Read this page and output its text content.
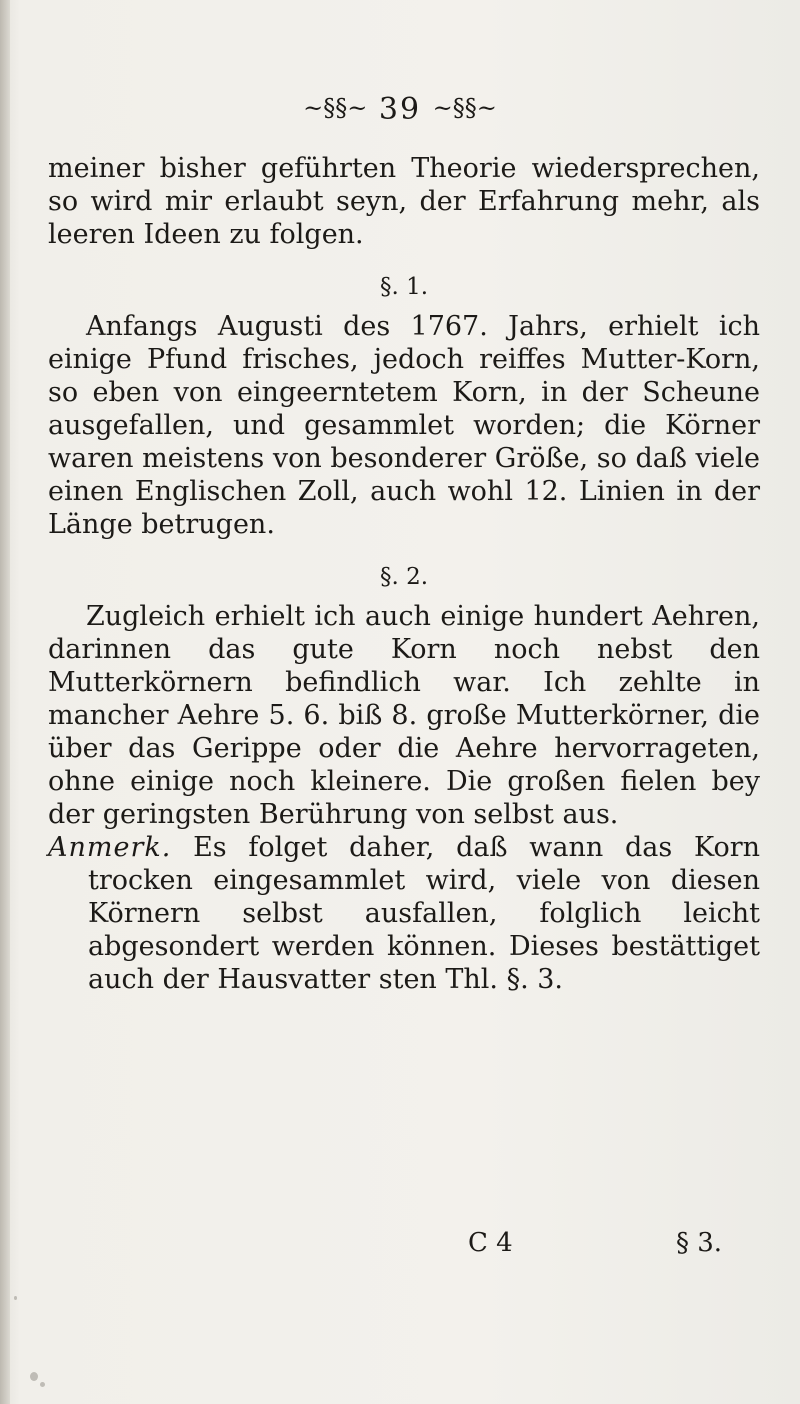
~§§~ 39 ~§§~

meiner bisher geführten Theorie wiedersprechen, so wird mir erlaubt seyn, der Erfahrung mehr, als leeren Ideen zu folgen.

§. 1.

Anfangs Augusti des 1767. Jahrs, erhielt ich einige Pfund frisches, jedoch reiffes Mutter-Korn, so eben von eingeerntetem Korn, in der Scheune ausgefallen, und gesammlet worden; die Körner waren meistens von besonderer Größe, so daß viele einen Englischen Zoll, auch wohl 12. Linien in der Länge betrugen.

§. 2.

Zugleich erhielt ich auch einige hundert Aehren, darinnen das gute Korn noch nebst den Mutterkörnern befindlich war. Ich zehlte in mancher Aehre 5. 6. biß 8. große Mutterkörner, die über das Gerippe oder die Aehre hervorrageten, ohne einige noch kleinere. Die großen fielen bey der geringsten Berührung von selbst aus.

Anmerk. Es folget daher, daß wann das Korn trocken eingesammlet wird, viele von diesen Körnern selbst ausfallen, folglich leicht abgesondert werden können. Dieses bestättiget auch der Hausvatter sten Thl. §. 3.

C 4	§ 3.
